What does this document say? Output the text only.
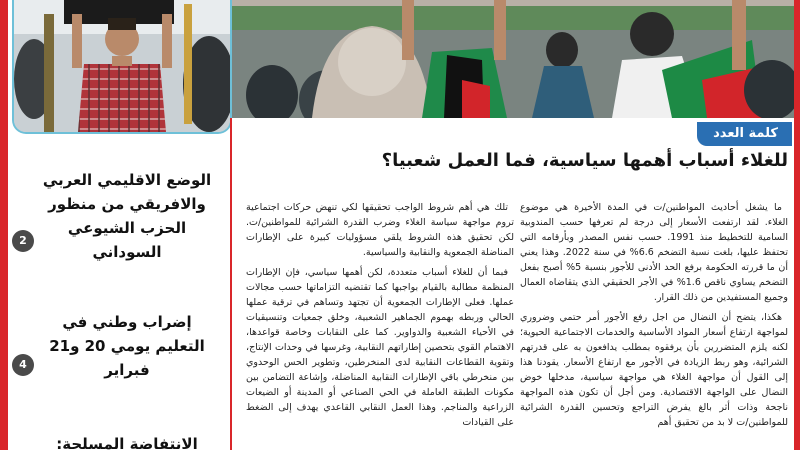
الوضع الاقليمي العربي والافريقي من منظور الحزب الشيوعي السوداني
2
إضراب وطني في التعليم يومي 20 و21 فبراير
4
الانتفاضة المسلحة:
كلمة العدد
للغلاء أسباب أهمها سياسية، فما العمل شعبيا؟

ما يشغل أحاديث المواطنين/ت في المدة الأخيرة هي موضوع الغلاء. لقد ارتفعت الأسعار إلى درجة لم تعرفها حسب المندوبية السامية للتخطيط منذ 1991. حسب نفس المصدر وبأرقامه التي تحتفظ عليها، بلغت نسبة التضخم 6.6% في سنة 2022. وهذا يعني أن ما قررته الحكومة برفع الحد الأدنى للأجور بنسبة 5% أصبح بفعل التضخم يساوي ناقص 1.6% في الأجر الحقيقي الذي يتقاضاه العمال وجميع المستفيدين من ذلك القرار.

هكذا، يتضح أن النضال من اجل رفع الأجور أمر حتمي وضروري لمواجهة ارتفاع أسعار المواد الأساسية والخدمات الاجتماعية الحيوية؛ لكنه يلزم المتضررين بأن يرفقوه بمطلب يدافعون به على قدرتهم الشرائية، وهو ربط الزيادة في الأجور مع ارتفاع الأسعار. يقودنا هذا إلى القول أن مواجهة الغلاء هي مواجهة سياسية، مدخلها خوض النضال على الواجهة الاقتصادية. ومن أجل أن تكون هذه المواجهة ناجحة وذات أثر بالغ يفرض التراجع وتحسين القدرة الشرائية للمواطنين/ت لا بد من تحقيق أهم

تلك هي أهم شروط الواجب تحقيقها لكي تنهض حركات اجتماعية تروم مواجهة سياسة الغلاء وضرب القدرة الشرائية للمواطنين/ت. لكن تحقيق هذه الشروط يلقي مسؤوليات كبيرة على الإطارات المناضلة الجمعوية والنقابية والسياسية.

فبما أن للغلاء أسباب متعددة، لكن أهمها سياسي، فإن الإطارات المنظمة مطالبة بالقيام بواجبها كما تقتضيه التزاماتها حسب مجالات عملها. فعلى الإطارات الجمعوية أن تجتهد وتساهم في ترقية عملها الحالي وربطه بهموم الجماهير الشعبية، وخلق جمعيات وتنسيقيات في الأحياء الشعبية والدواوير. كما على النقابات وخاصة قواعدها، الاهتمام القوي بتحصين إطاراتهم النقابية، وغرسها في وحدات الإنتاج، وتقوية القطاعات النقابية لدى المنخرطين، وتطوير الحس الوحدوي بين منخرطي باقي الإطارات النقابية المناضلة، وإشاعة التضامن بين مكونات الطبقة العاملة في الحي الصناعي أو المدينة أو الضيعات الزراعية والمناجم. وهذا العمل النقابي القاعدي يهدف إلى الضغط على القيادات
